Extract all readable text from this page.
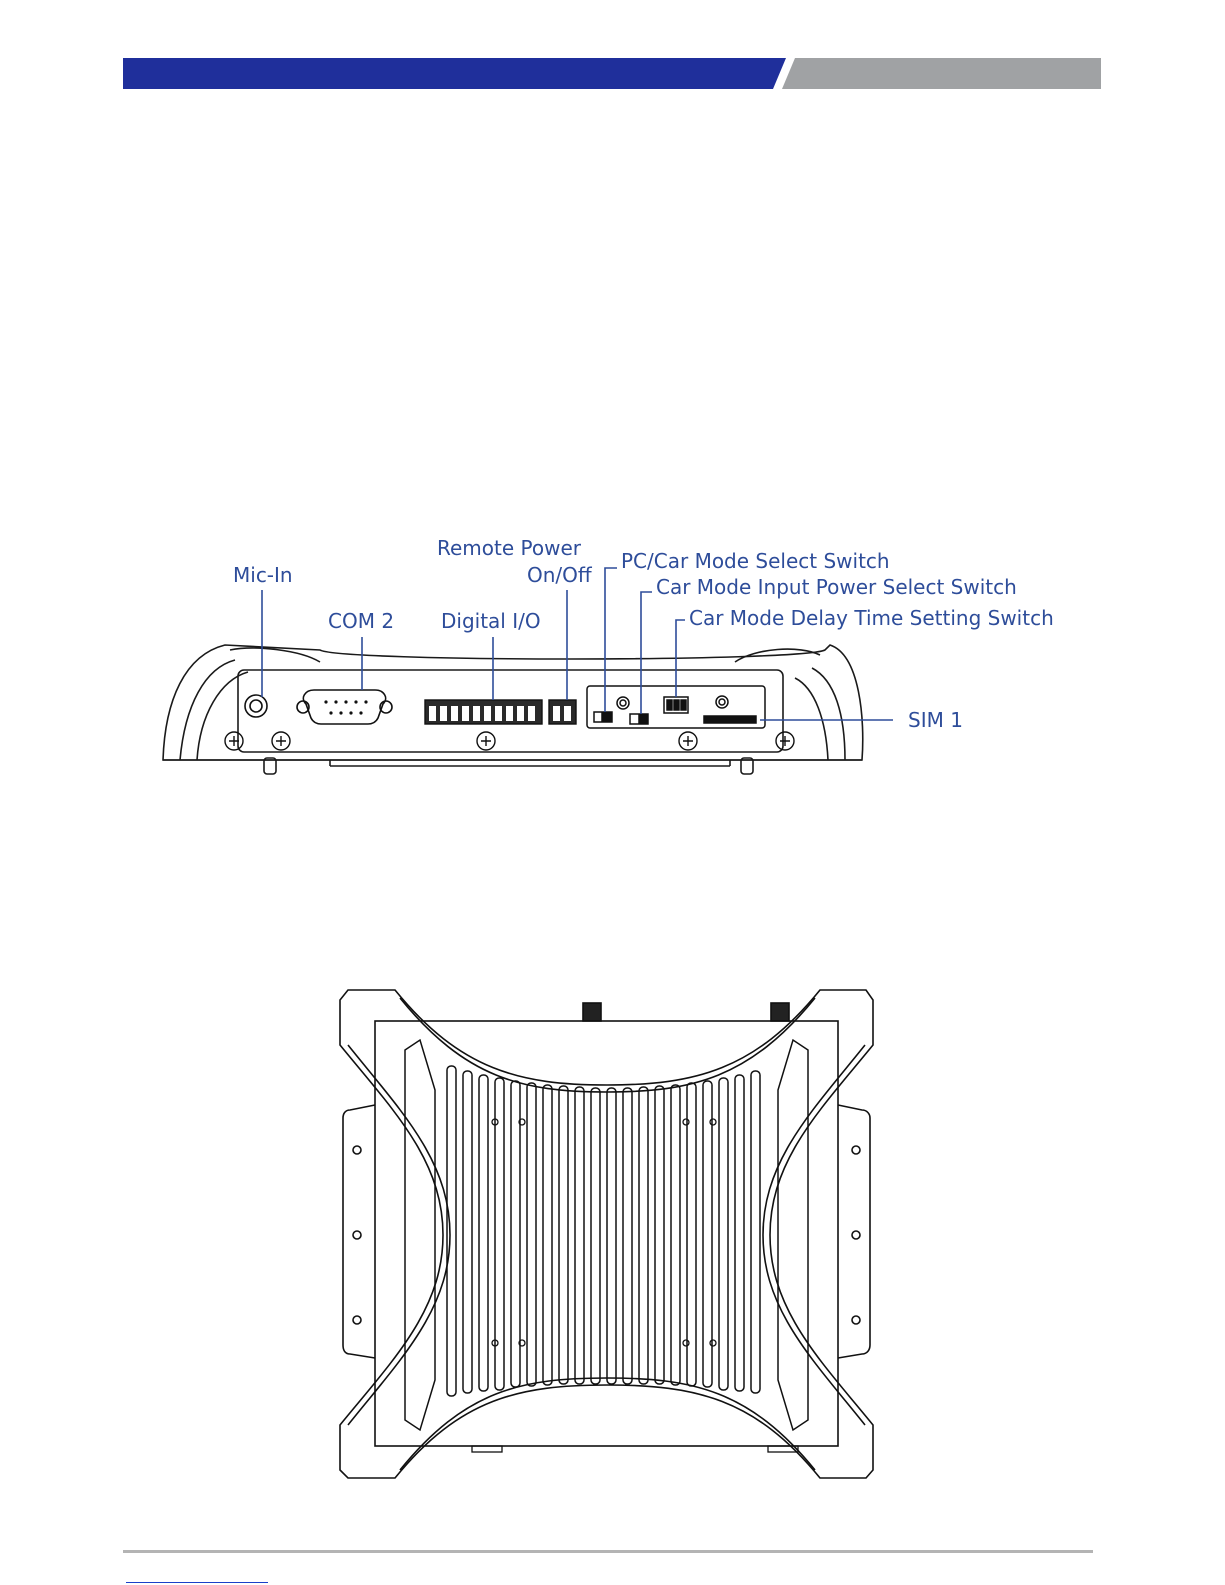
Mic-In
COM 2 Digital I/O
Remote Power
On/Off
PC/Car Mode Select Switch
Car Mode Input Power Select Switch
Car Mode Delay Time Setting Switch
SIM 1
